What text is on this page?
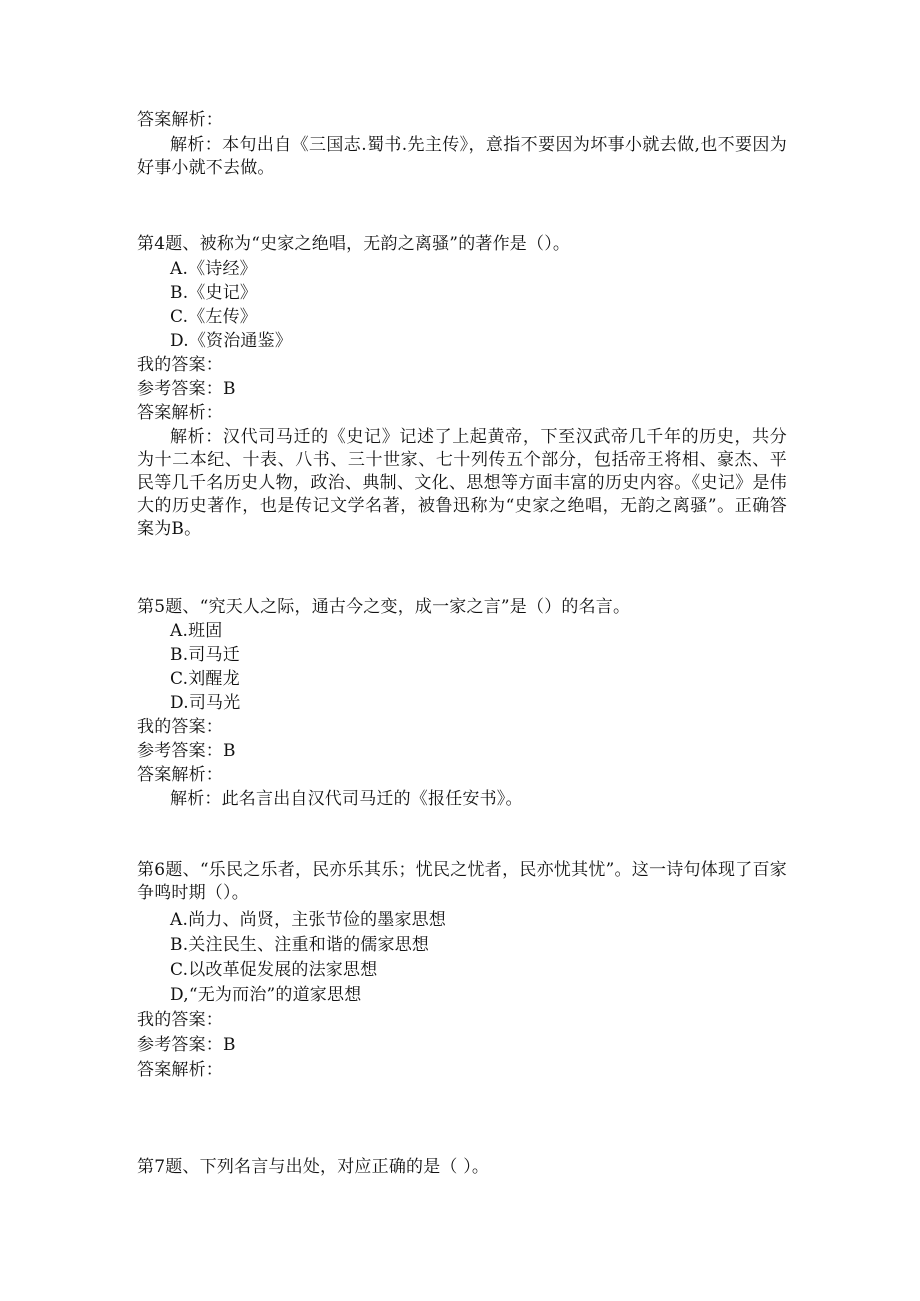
答案解析：
解析：本句出自《三国志.蜀书.先主传》，意指不要因为坏事小就去做,也不要因为好事小就不去做。
第4题、被称为“史家之绝唱，无韵之离骚”的著作是（）。
A.《诗经》
B.《史记》
C.《左传》
D.《资治通鉴》
我的答案：
参考答案：B
答案解析：
解析：汉代司马迁的《史记》记述了上起黄帝，下至汉武帝几千年的历史，共分为十二本纪、十表、八书、三十世家、七十列传五个部分，包括帝王将相、豪杰、平民等几千名历史人物，政治、典制、文化、思想等方面丰富的历史内容。《史记》是伟大的历史著作，也是传记文学名著，被鲁迅称为“史家之绝唱，无韵之离骚”。正确答案为B。
第5题、“究天人之际，通古今之变，成一家之言”是（）的名言。
A.班固
B.司马迁
C.刘醒龙
D.司马光
我的答案：
参考答案：B
答案解析：
解析：此名言出自汉代司马迁的《报任安书》。
第6题、“乐民之乐者，民亦乐其乐；忧民之忧者，民亦忧其忧”。这一诗句体现了百家争鸣时期（）。
A.尚力、尚贤，主张节俭的墨家思想
B.关注民生、注重和谐的儒家思想
C.以改革促发展的法家思想
D,“无为而治”的道家思想
我的答案：
参考答案：B
答案解析：
第7题、下列名言与出处，对应正确的是（ ）。
